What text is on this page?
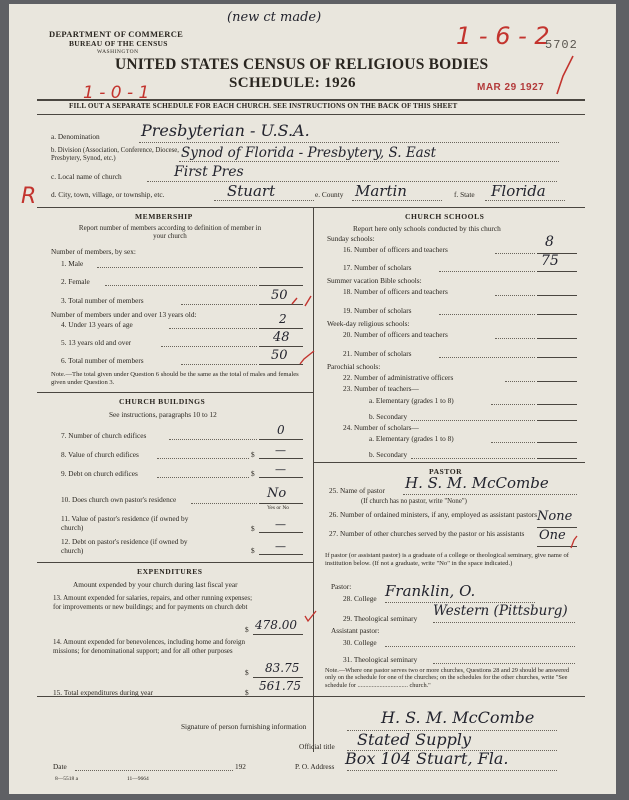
DEPARTMENT OF COMMERCE
BUREAU OF THE CENSUS
WASHINGTON
(new ct made)
1 - 6 - 2
5702
UNITED STATES CENSUS OF RELIGIOUS BODIES
SCHEDULE: 1926	MAR 29 1927
1 - 0 - 1
FILL OUT A SEPARATE SCHEDULE FOR EACH CHURCH. SEE INSTRUCTIONS ON THE BACK OF THIS SHEET
a. Denomination	Presbyterian - U.S.A.
b. Division (Association, Conference, Diocese, Presbytery, Synod, etc.)	Synod of Florida - Presbytery, S. East
R
c. Local name of church	First Pres
d. City, town, village, or township, etc.	Stuart	e. County Martin	f. State Florida
MEMBERSHIP
Report number of members according to definition of member in your church
Number of members, by sex:
1. Male
2. Female
3. Total number of members	50
Number of members under and over 13 years old:
4. Under 13 years of age	2
5. 13 years old and over	48
6. Total number of members	50
Note.—The total given under Question 6 should be the same as the total of males and females given under Question 3.
CHURCH BUILDINGS
See instructions, paragraphs 10 to 12
7. Number of church edifices	0
8. Value of church edifices	$ —
9. Debt on church edifices	$ —
10. Does church own pastor's residence	No
Yes or No
11. Value of pastor's residence (if owned by church)	$ —
12. Debt on pastor's residence (if owned by church)	$ —
EXPENDITURES
Amount expended by your church during last fiscal year
13. Amount expended for salaries, repairs, and other running expenses; for improvements or new buildings; and for payments on church debt
$ 478.00
14. Amount expended for benevolences, including home and foreign missions; for denominational support; and for all other purposes
$ 83.75
15. Total expenditures during year	$ 561.75
CHURCH SCHOOLS
Report here only schools conducted by this church
Sunday schools:
16. Number of officers and teachers	8
17. Number of scholars	75
Summer vacation Bible schools:
18. Number of officers and teachers
19. Number of scholars
Week-day religious schools:
20. Number of officers and teachers
21. Number of scholars
Parochial schools:
22. Number of administrative officers
23. Number of teachers—
a. Elementary (grades 1 to 8)
b. Secondary
24. Number of scholars—
a. Elementary (grades 1 to 8)
b. Secondary
PASTOR
25. Name of pastor H. S. M. McCombe
(If church has no pastor, write "None")
26. Number of ordained ministers, if any, employed as assistant pastors None
27. Number of other churches served by the pastor or his assistants	One
If pastor (or assistant pastor) is a graduate of a college or theological seminary, give name of institution below. (If not a graduate, write "No" in the space indicated.)
Pastor:
28. College Franklin, O.
29. Theological seminary Western (Pittsburg)
Assistant pastor:
30. College
31. Theological seminary
Note.—Where one pastor serves two or more churches, Questions 28 and 29 should be answered only on the schedule for one of the churches; on the schedules for the other churches, write "See schedule for ................................ church."
Signature of person furnishing information	H. S. M. McCombe
Official title Stated Supply
Date	192	P. O. Address Box 104 Stuart, Fla.
8—5518 a	11—9664
